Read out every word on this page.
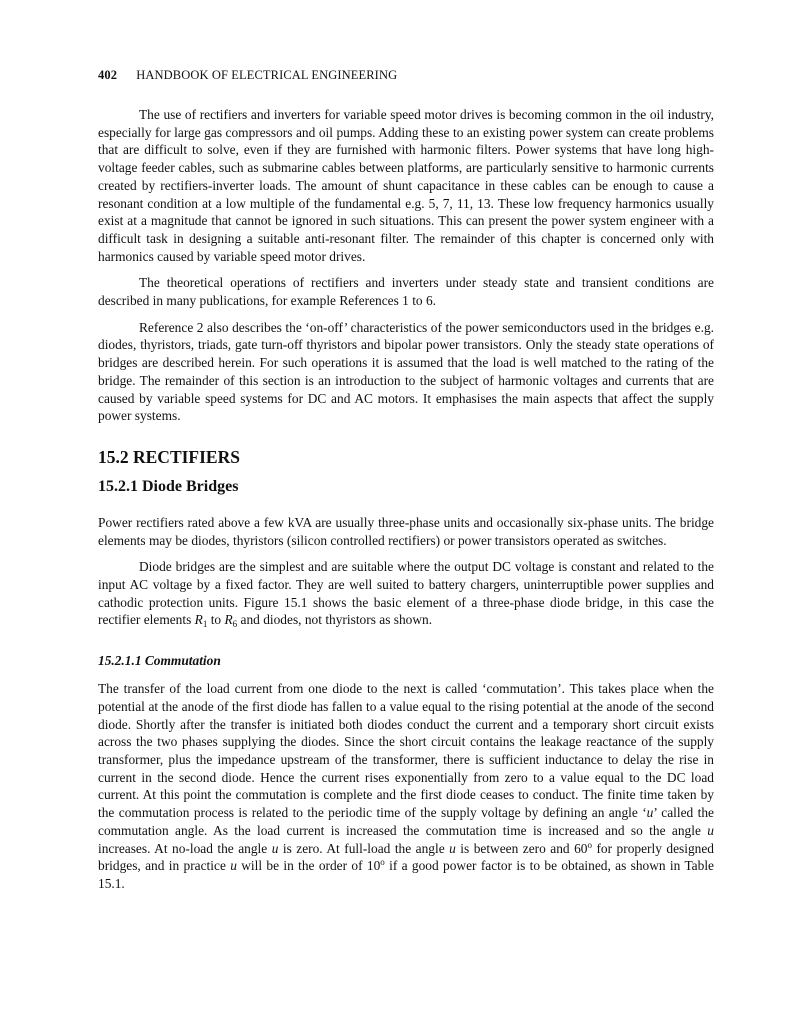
402 HANDBOOK OF ELECTRICAL ENGINEERING

The use of rectifiers and inverters for variable speed motor drives is becoming common in the oil industry, especially for large gas compressors and oil pumps. Adding these to an existing power system can create problems that are difficult to solve, even if they are furnished with harmonic filters. Power systems that have long high-voltage feeder cables, such as submarine cables between platforms, are particularly sensitive to harmonic currents created by rectifiers-inverter loads. The amount of shunt capacitance in these cables can be enough to cause a resonant condition at a low multiple of the fundamental e.g. 5, 7, 11, 13. These low frequency harmonics usually exist at a magnitude that cannot be ignored in such situations. This can present the power system engineer with a difficult task in designing a suitable anti-resonant filter. The remainder of this chapter is concerned only with harmonics caused by variable speed motor drives.

The theoretical operations of rectifiers and inverters under steady state and transient conditions are described in many publications, for example References 1 to 6.

Reference 2 also describes the ‘on-off’ characteristics of the power semiconductors used in the bridges e.g. diodes, thyristors, triads, gate turn-off thyristors and bipolar power transistors. Only the steady state operations of bridges are described herein. For such operations it is assumed that the load is well matched to the rating of the bridge. The remainder of this section is an introduction to the subject of harmonic voltages and currents that are caused by variable speed systems for DC and AC motors. It emphasises the main aspects that affect the supply power systems.

15.2 RECTIFIERS
15.2.1 Diode Bridges

Power rectifiers rated above a few kVA are usually three-phase units and occasionally six-phase units. The bridge elements may be diodes, thyristors (silicon controlled rectifiers) or power transistors operated as switches.

Diode bridges are the simplest and are suitable where the output DC voltage is constant and related to the input AC voltage by a fixed factor. They are well suited to battery chargers, uninterruptible power supplies and cathodic protection units. Figure 15.1 shows the basic element of a three-phase diode bridge, in this case the rectifier elements $R_1$ to $R_6$ and diodes, not thyristors as shown.

15.2.1.1 Commutation

The transfer of the load current from one diode to the next is called ‘commutation’. This takes place when the potential at the anode of the first diode has fallen to a value equal to the rising potential at the anode of the second diode. Shortly after the transfer is initiated both diodes conduct the current and a temporary short circuit exists across the two phases supplying the diodes. Since the short circuit contains the leakage reactance of the supply transformer, plus the impedance upstream of the transformer, there is sufficient inductance to delay the rise in current in the second diode. Hence the current rises exponentially from zero to a value equal to the DC load current. At this point the commutation is complete and the first diode ceases to conduct. The finite time taken by the commutation process is related to the periodic time of the supply voltage by defining an angle ‘u’ called the commutation angle. As the load current is increased the commutation time is increased and so the angle u increases. At no-load the angle u is zero. At full-load the angle u is between zero and 60$^o$ for properly designed bridges, and in practice u will be in the order of 10$^o$ if a good power factor is to be obtained, as shown in Table 15.1.
